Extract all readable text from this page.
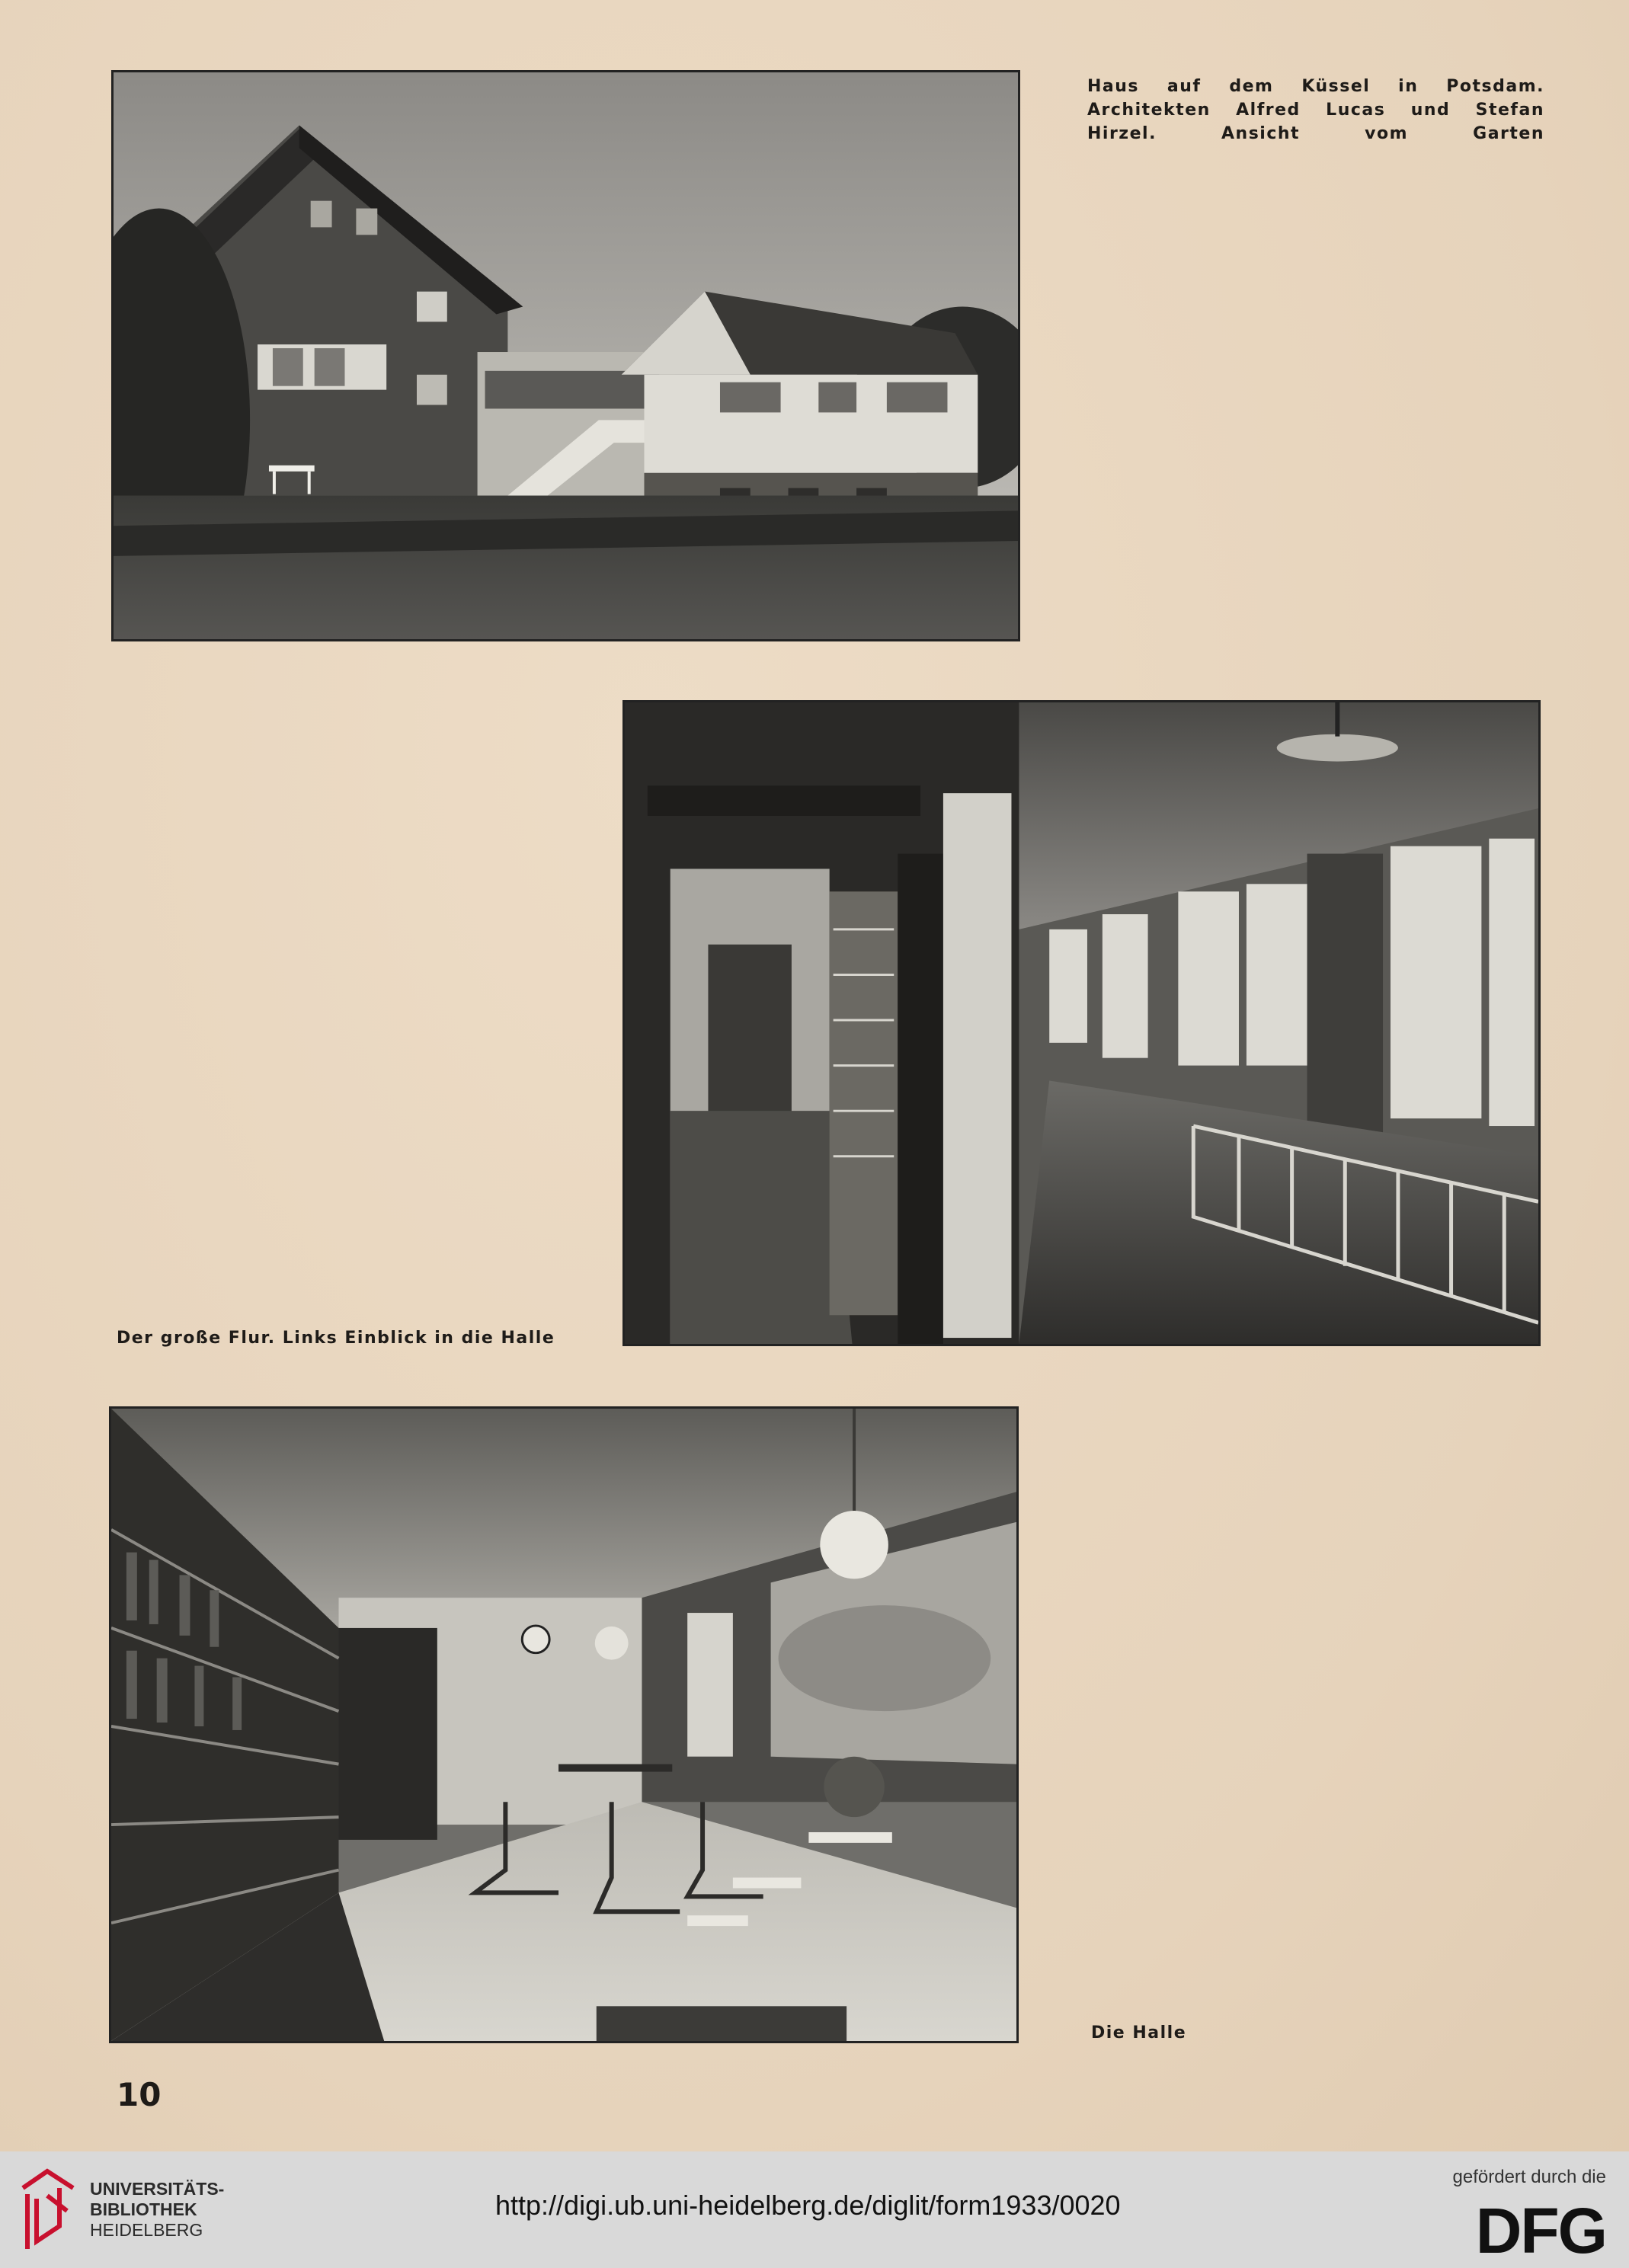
Haus auf dem Küssel in Potsdam. Architekten Alfred Lucas und Stefan Hirzel. Ansicht vom Garten
Der große Flur. Links Einblick in die Halle
Die Halle
10
UNIVERSITÄTS-
BIBLIOTHEK
HEIDELBERG
http://digi.ub.uni-heidelberg.de/diglit/form1933/0020
gefördert durch die
DFG
